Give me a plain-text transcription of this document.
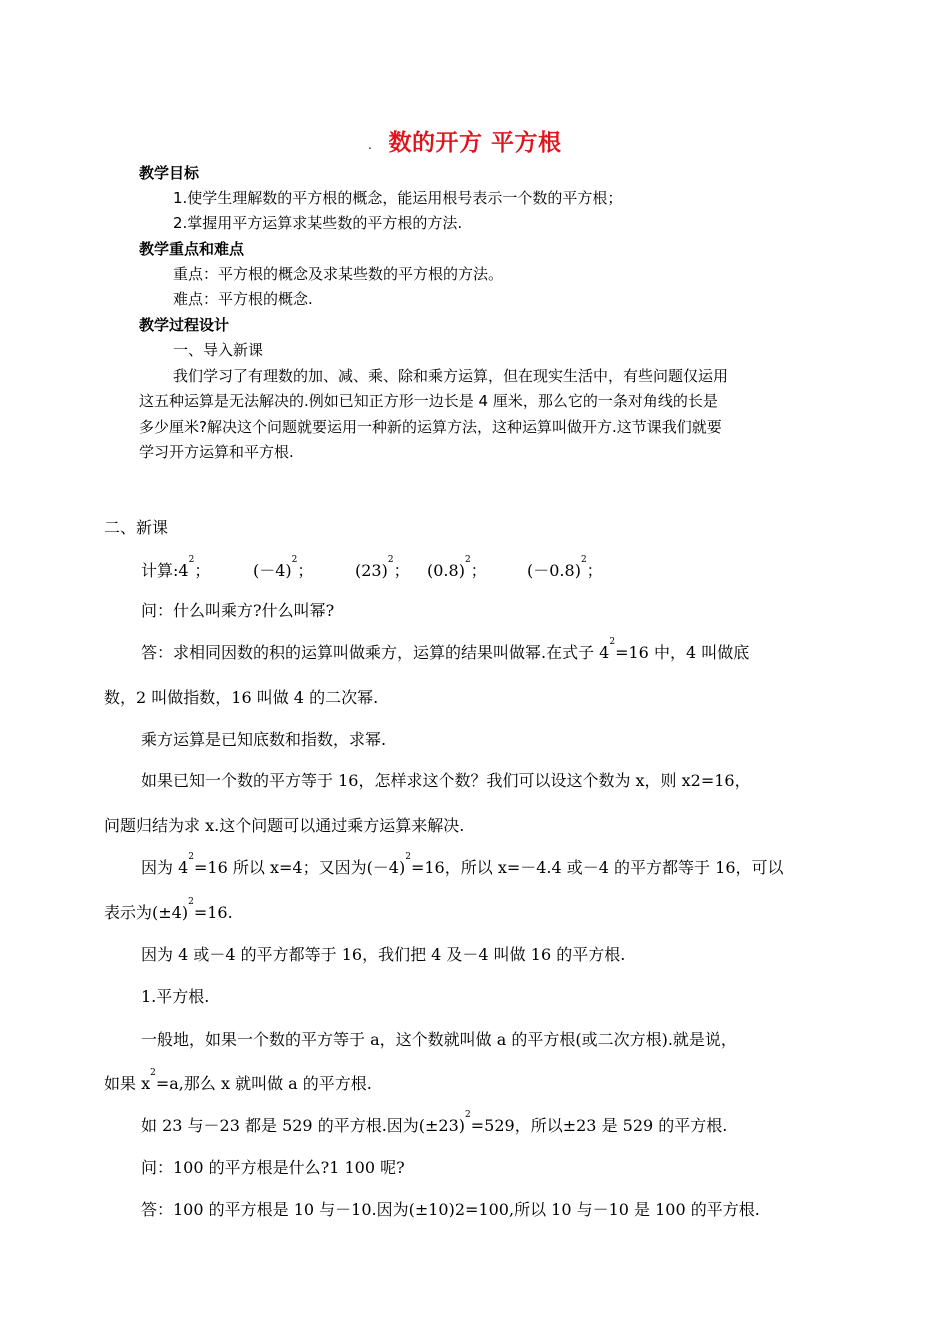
. 数的开方 平方根
教学目标
1.使学生理解数的平方根的概念，能运用根号表示一个数的平方根；
2.掌握用平方运算求某些数的平方根的方法.
教学重点和难点
重点：平方根的概念及求某些数的平方根的方法。
难点：平方根的概念.
教学过程设计
一、导入新课
我们学习了有理数的加、减、乘、除和乘方运算，但在现实生活中，有些问题仅运用
这五种运算是无法解决的.例如已知正方形一边长是 4 厘米，那么它的一条对角线的长是
多少厘米?解决这个问题就要运用一种新的运算方法，这种运算叫做开方.这节课我们就要
学习开方运算和平方根.
二、新课
计算$:4^2$；	$(-4)^2$；	$(23)^2$； $(0.8)^2$；	$(-0.8)^2$；
问：什么叫乘方?什么叫幂?
答：求相同因数的积的运算叫做乘方，运算的结果叫做幂.在式子 $4^2=16$ 中，4 叫做底
数，2 叫做指数，16 叫做 4 的二次幂.
乘方运算是已知底数和指数，求幂.
如果已知一个数的平方等于 16，怎样求这个数？我们可以设这个数为 x，则 x2=16，
问题归结为求 x.这个问题可以通过乘方运算来解决.
因为 $4^2=16$ 所以 x=4；又因为$(-4)^2=16$，所以 x=－4.4 或－4 的平方都等于 16，可以
表示为$(\pm 4)^2=16$.
因为 4 或－4 的平方都等于 16，我们把 4 及－4 叫做 16 的平方根.
1.平方根.
一般地，如果一个数的平方等于 a，这个数就叫做 a 的平方根(或二次方根).就是说，
如果 $x^2=a$,那么 x 就叫做 a 的平方根.
如 23 与－23 都是 529 的平方根.因为$(\pm 23)^2=529$，所以±23 是 529 的平方根.
问：100 的平方根是什么?1 100 呢?
答：100 的平方根是 10 与－10.因为(±10)2=100,所以 10 与－10 是 100 的平方根.
